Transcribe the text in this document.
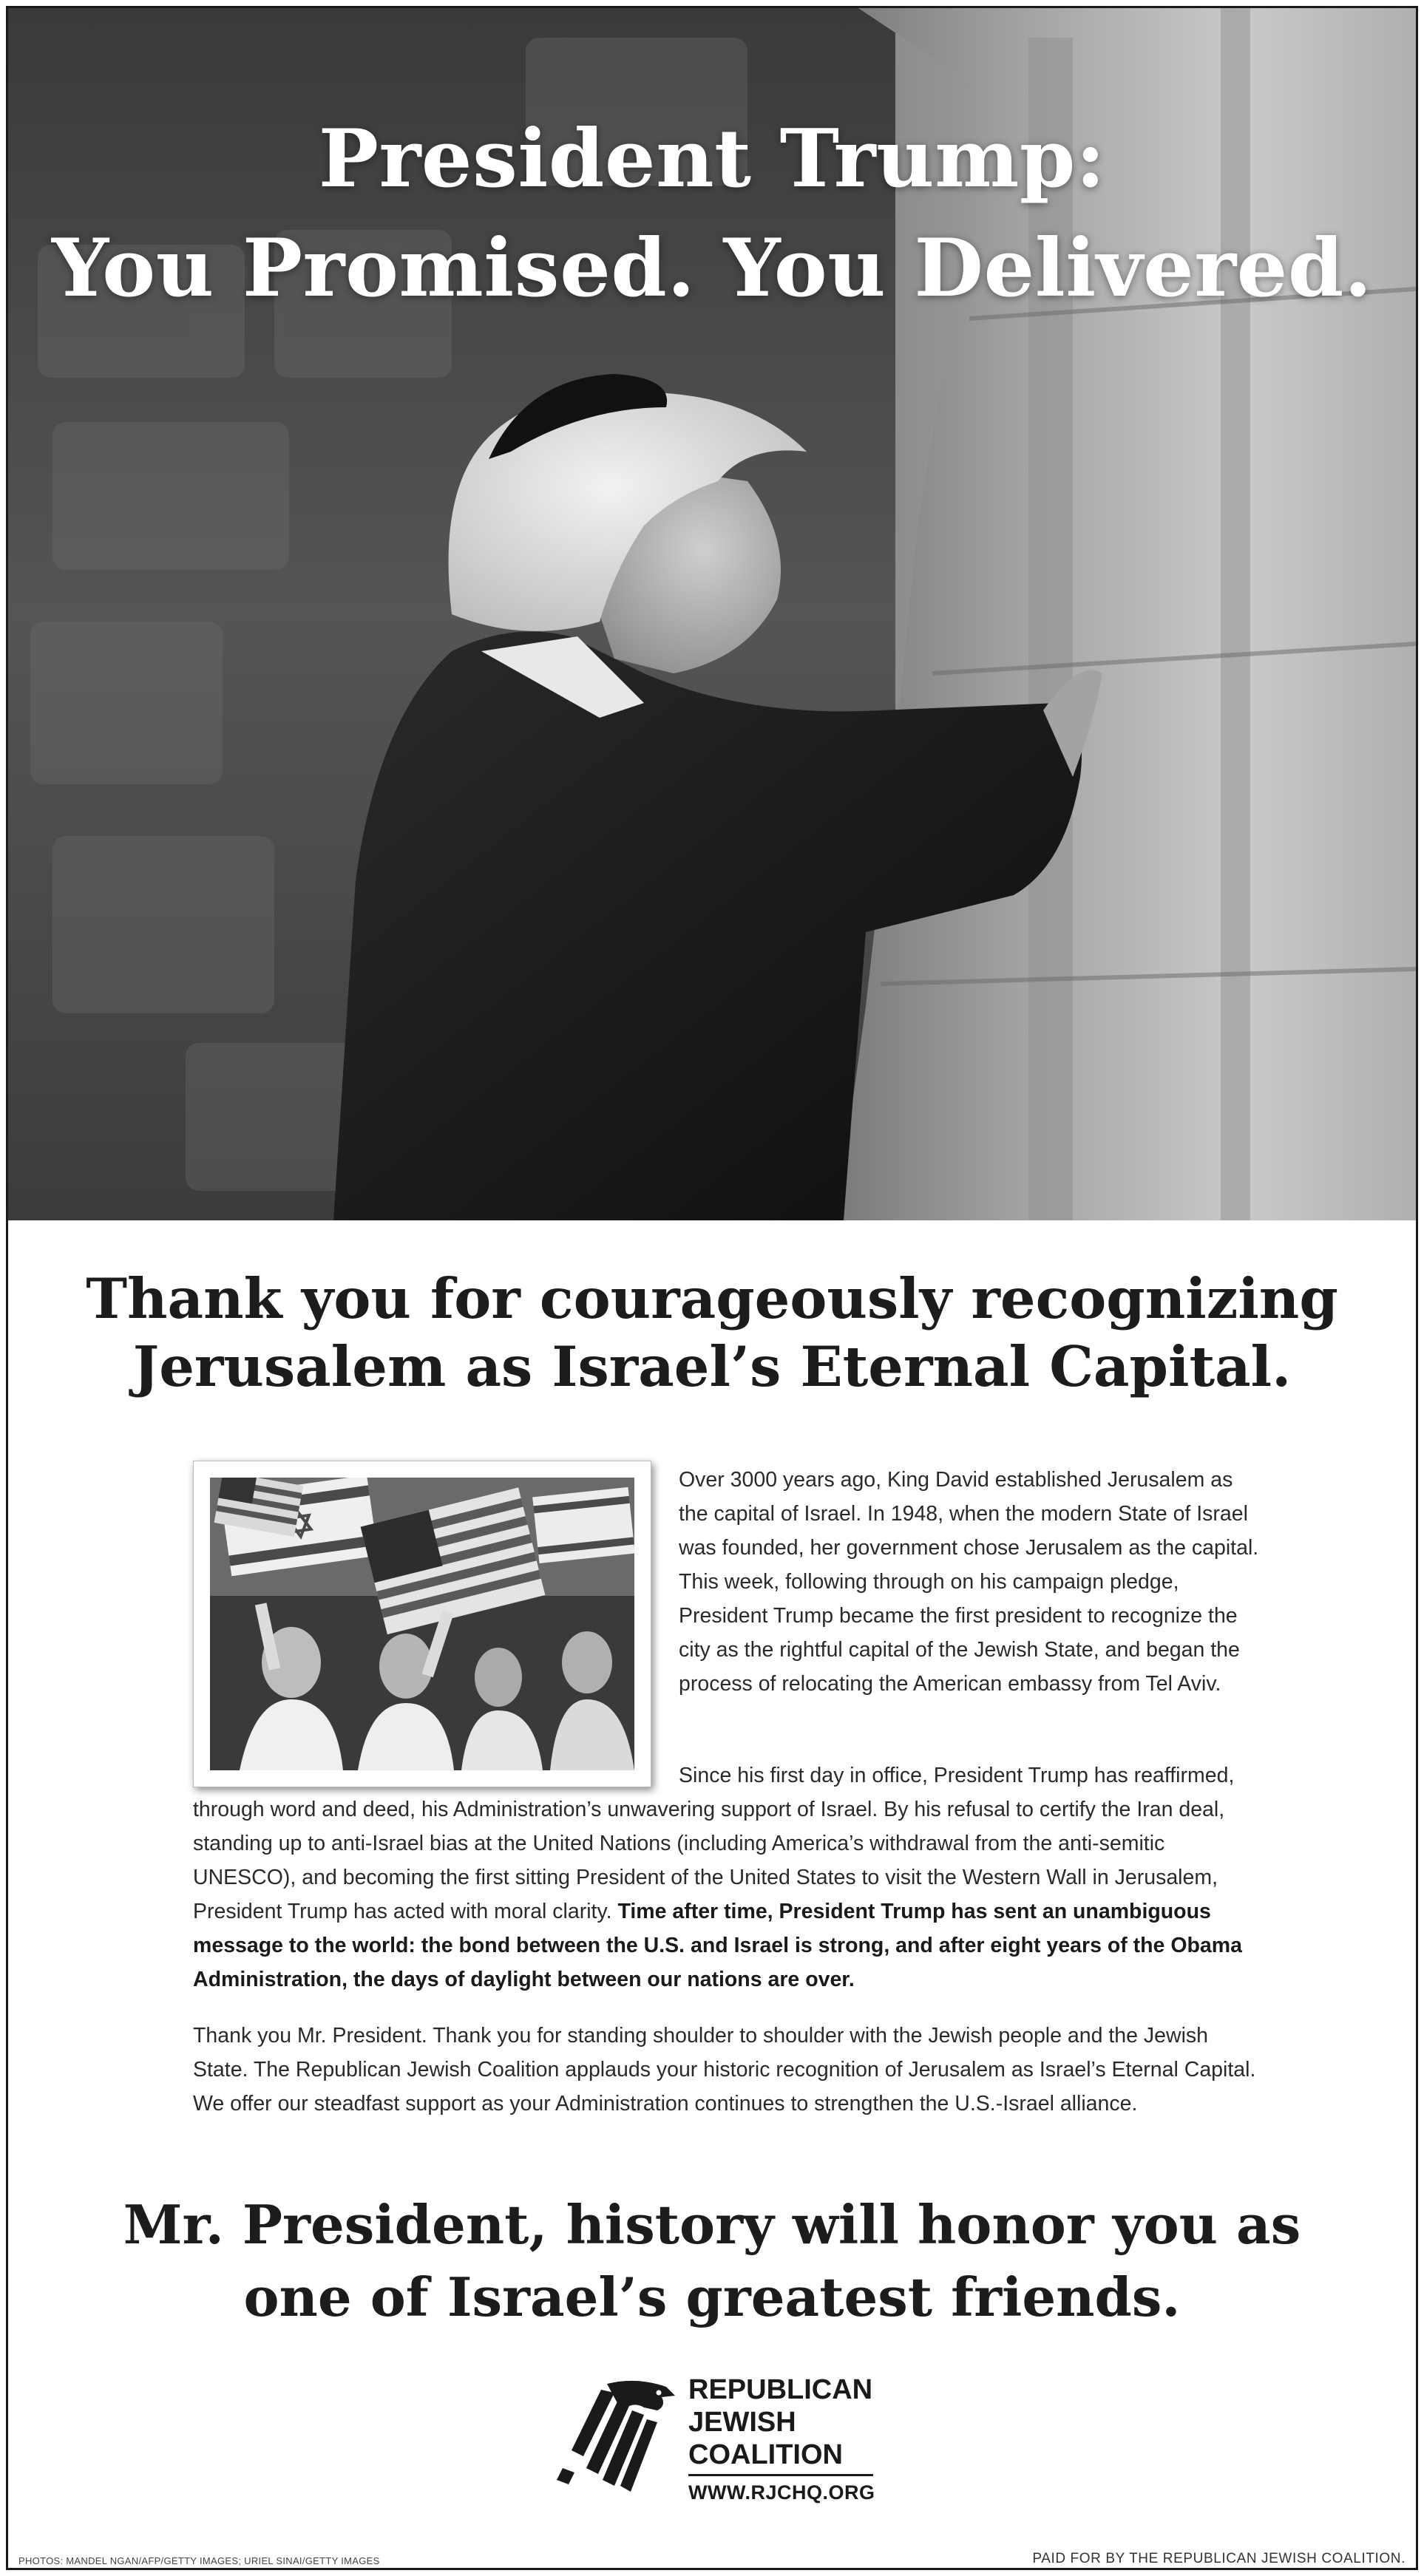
President Trump:
You Promised. You Delivered.
Thank you for courageously recognizing
Jerusalem as Israel’s Eternal Capital.
Over 3000 years ago, King David established Jerusalem as the capital of Israel. In 1948, when the modern State of Israel was founded, her government chose Jerusalem as the capital. This week, following through on his campaign pledge, President Trump became the first president to recognize the city as the rightful capital of the Jewish State, and began the process of relocating the American embassy from Tel Aviv.
Since his first day in office, President Trump has reaffirmed,
through word and deed, his Administration’s unwavering support of Israel. By his refusal to certify the Iran deal, standing up to anti-Israel bias at the United Nations (including America’s withdrawal from the anti-semitic UNESCO), and becoming the first sitting President of the United States to visit the Western Wall in Jerusalem, President Trump has acted with moral clarity. Time after time, President Trump has sent an unambiguous message to the world: the bond between the U.S. and Israel is strong, and after eight years of the Obama Administration, the days of daylight between our nations are over.
Thank you Mr. President. Thank you for standing shoulder to shoulder with the Jewish people and the Jewish State. The Republican Jewish Coalition applauds your historic recognition of Jerusalem as Israel’s Eternal Capital. We offer our steadfast support as your Administration continues to strengthen the U.S.-Israel alliance.
Mr. President, history will honor you as
one of Israel’s greatest friends.
REPUBLICAN
JEWISH
COALITION
WWW.RJCHQ.ORG
PHOTOS: MANDEL NGAN/AFP/GETTY IMAGES; URIEL SINAI/GETTY IMAGES	PAID FOR BY THE REPUBLICAN JEWISH COALITION.
